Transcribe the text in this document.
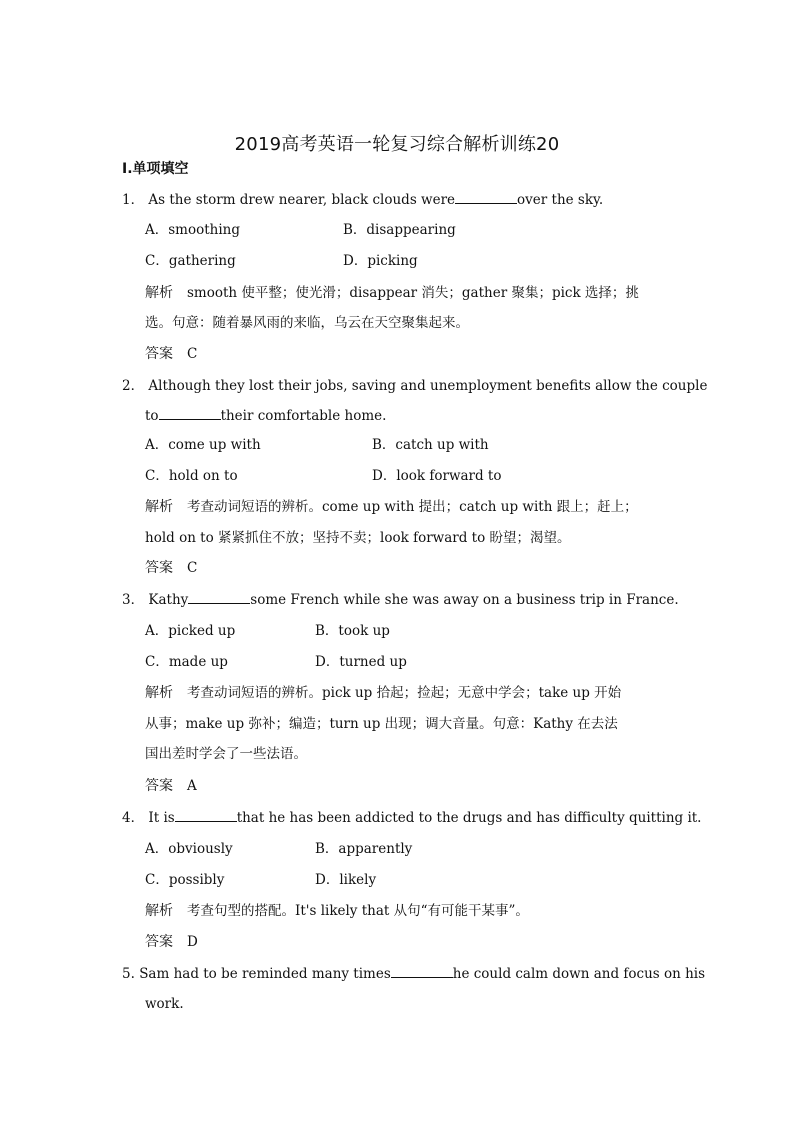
2019高考英语一轮复习综合解析训练20
Ⅰ.单项填空
1． As the storm drew nearer, black clouds were	over the sky.
A．smoothing	B．disappearing
C．gathering	D．picking
解析 smooth 使平整；使光滑；disappear 消失；gather 聚集；pick 选择；挑
选。句意：随着暴风雨的来临，乌云在天空聚集起来。
答案 C
2． Although they lost their jobs, saving and unemployment benefits allow the couple
to	their comfortable home.
A．come up with	B．catch up with
C．hold on to	D．look forward to
解析 考查动词短语的辨析。come up with 提出；catch up with 跟上；赶上；
hold on to 紧紧抓住不放；坚持不卖；look forward to 盼望；渴望。
答案 C
3． Kathy	some French while she was away on a business trip in France.
A．picked up	B．took up
C．made up	D．turned up
解析 考查动词短语的辨析。pick up 拾起；捡起；无意中学会；take up 开始
从事；make up 弥补；编造；turn up 出现；调大音量。句意：Kathy 在去法
国出差时学会了一些法语。
答案 A
4． It is	that he has been addicted to the drugs and has difficulty quitting it.
A．obviously	B．apparently
C．possibly	D．likely
解析 考查句型的搭配。It's likely that 从句“有可能干某事”。
答案 D
5. Sam had to be reminded many times	he could calm down and focus on his
work.
